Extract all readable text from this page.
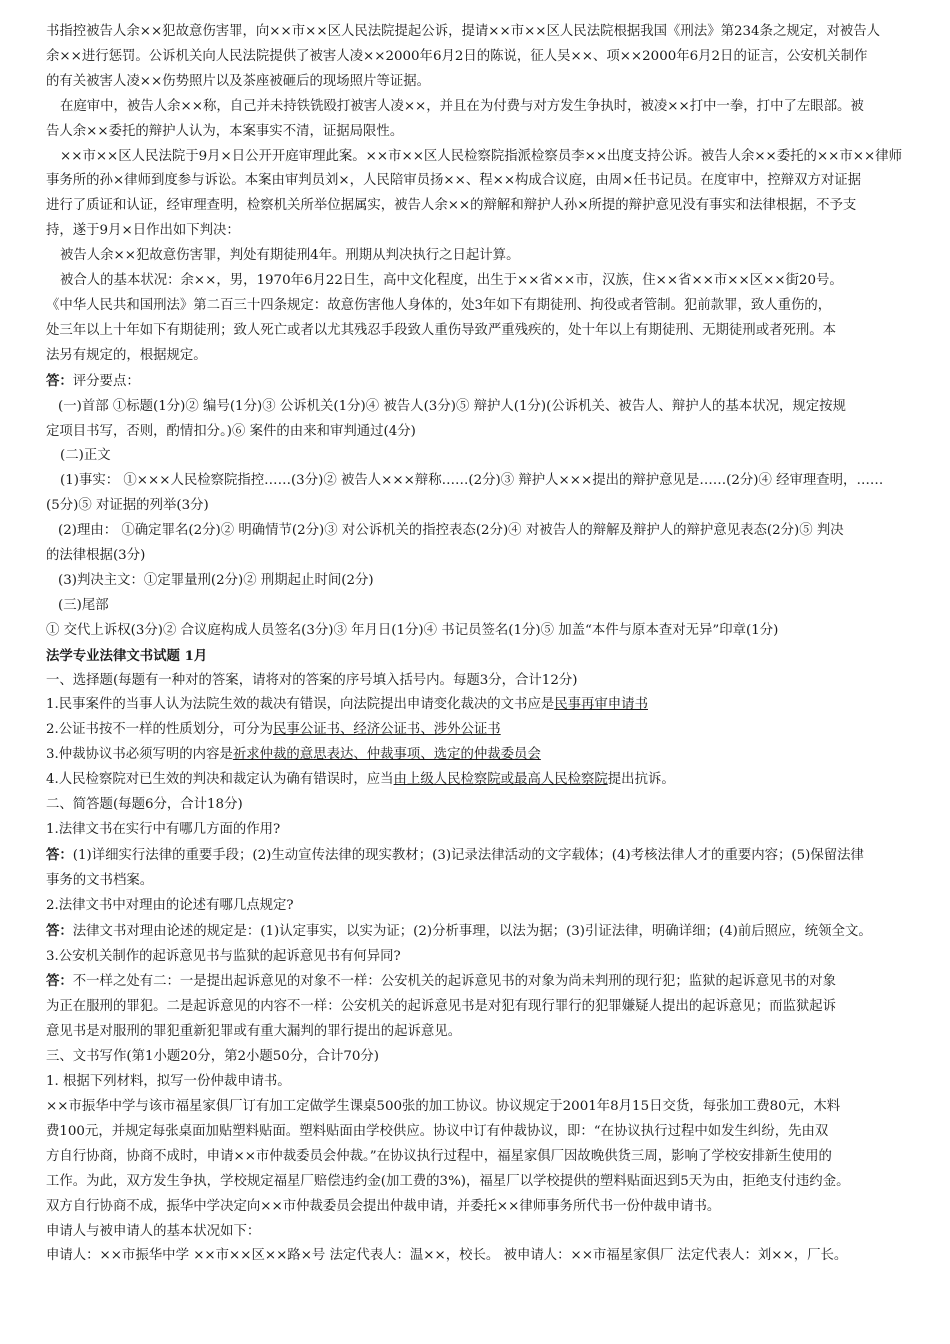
书指控被告人余××犯故意伤害罪，向××市××区人民法院提起公诉，提请××市××区人民法院根据我国《刑法》第234条之规定，对被告人
余××进行惩罚。公诉机关向人民法院提供了被害人凌××2000年6月2日的陈说，征人吴××、项××2000年6月2日的证言，公安机关制作
的有关被害人凌××伤势照片以及茶座被砸后的现场照片等证据。
在庭审中，被告人余××称，自己并未持铁铣殴打被害人凌××，并且在为付费与对方发生争执时，被凌××打中一拳，打中了左眼部。被
告人余××委托的辩护人认为，本案事实不清，证据局限性。
××市××区人民法院于9月×日公开开庭审理此案。××市××区人民检察院指派检察员李××出度支持公诉。被告人余××委托的××市××律师
事务所的孙×律师到度参与诉讼。本案由审判员刘×，人民陪审员扬××、程××构成合议庭，由周×任书记员。在度审中，控辩双方对证据
进行了质证和认证，经审理查明，检察机关所举位据属实，被告人余××的辩解和辩护人孙×所提的辩护意见没有事实和法律根据，不予支
持，遂于9月×日作出如下判决：
被告人余××犯故意伤害罪，判处有期徒刑4年。刑期从判决执行之日起计算。
被合人的基本状况：余××，男，1970年6月22日生，高中文化程度，出生于××省××市，汉族，住××省××市××区××街20号。
《中华人民共和国刑法》第二百三十四条规定：故意伤害他人身体的，处3年如下有期徒刑、拘役或者管制。犯前款罪，致人重伤的，
处三年以上十年如下有期徒刑；致人死亡或者以尤其残忍手段致人重伤导致严重残疾的，处十年以上有期徒刑、无期徒刑或者死刑。本
法另有规定的，根据规定。
答：评分要点：
(一)首部 ①标题(1分)② 编号(1分)③ 公诉机关(1分)④ 被告人(3分)⑤ 辩护人(1分)(公诉机关、被告人、辩护人的基本状况，规定按规
定项目书写，否则，酌情扣分。)⑥ 案件的由来和审判通过(4分)
(二)正文
(1)事实： ①×××人民检察院指控……(3分)② 被告人×××辩称……(2分)③ 辩护人×××提出的辩护意见是……(2分)④ 经审理查明，……
(5分)⑤ 对证据的列举(3分)
(2)理由： ①确定罪名(2分)② 明确情节(2分)③ 对公诉机关的指控表态(2分)④ 对被告人的辩解及辩护人的辩护意见表态(2分)⑤ 判决
的法律根据(3分)
(3)判决主文：①定罪量刑(2分)② 刑期起止时间(2分)
(三)尾部
① 交代上诉权(3分)② 合议庭构成人员签名(3分)③ 年月日(1分)④ 书记员签名(1分)⑤ 加盖“本件与原本查对无异”印章(1分)
法学专业法律文书试题 1月
一、选择题(每题有一种对的答案，请将对的答案的序号填入括号内。每题3分，合计12分)
1.民事案件的当事人认为法院生效的裁决有错误，向法院提出申请变化裁决的文书应是民事再审申请书
2.公证书按不一样的性质划分，可分为民事公证书、经济公证书、涉外公证书
3.仲裁协议书必须写明的内容是祈求仲裁的意思表达、仲裁事项、选定的仲裁委员会
4.人民检察院对已生效的判决和裁定认为确有错误时，应当由上级人民检察院或最高人民检察院提出抗诉。
二、简答题(每题6分，合计18分)
1.法律文书在实行中有哪几方面的作用?
答：(1)详细实行法律的重要手段；(2)生动宣传法律的现实教材；(3)记录法律活动的文字载体；(4)考核法律人才的重要内容；(5)保留法律
事务的文书档案。
2.法律文书中对理由的论述有哪几点规定?
答：法律文书对理由论述的规定是：(1)认定事实，以实为证；(2)分析事理，以法为据；(3)引证法律，明确详细；(4)前后照应，统领全文。
3.公安机关制作的起诉意见书与监狱的起诉意见书有何异同?
答：不一样之处有二：一是提出起诉意见的对象不一样：公安机关的起诉意见书的对象为尚未判刑的现行犯；监狱的起诉意见书的对象
为正在服刑的罪犯。二是起诉意见的内容不一样：公安机关的起诉意见书是对犯有现行罪行的犯罪嫌疑人提出的起诉意见；而监狱起诉
意见书是对服刑的罪犯重新犯罪或有重大漏判的罪行提出的起诉意见。
三、文书写作(第1小题20分，第2小题50分，合计70分)
1. 根据下列材料，拟写一份仲裁申请书。
××市振华中学与该市福星家俱厂订有加工定做学生课桌500张的加工协议。协议规定于2001年8月15日交货，每张加工费80元，木料
费100元，并规定每张桌面加贴塑料贴面。塑料贴面由学校供应。协议中订有仲裁协议，即：“在协议执行过程中如发生纠纷，先由双
方自行协商，协商不成时，申请××市仲裁委员会仲裁。”在协议执行过程中，福星家俱厂因故晚供货三周，影响了学校安排新生使用的
工作。为此，双方发生争执，学校规定福星厂赔偿违约金(加工费的3%)，福星厂以学校提供的塑料贴面迟到5天为由，拒绝支付违约金。
双方自行协商不成，振华中学决定向××市仲裁委员会提出仲裁申请，并委托××律师事务所代书一份仲裁申请书。
申请人与被申请人的基本状况如下：
申请人：××市振华中学 ××市××区××路×号 法定代表人：温××，校长。 被申请人：××市福星家俱厂 法定代表人：刘××，厂长。
